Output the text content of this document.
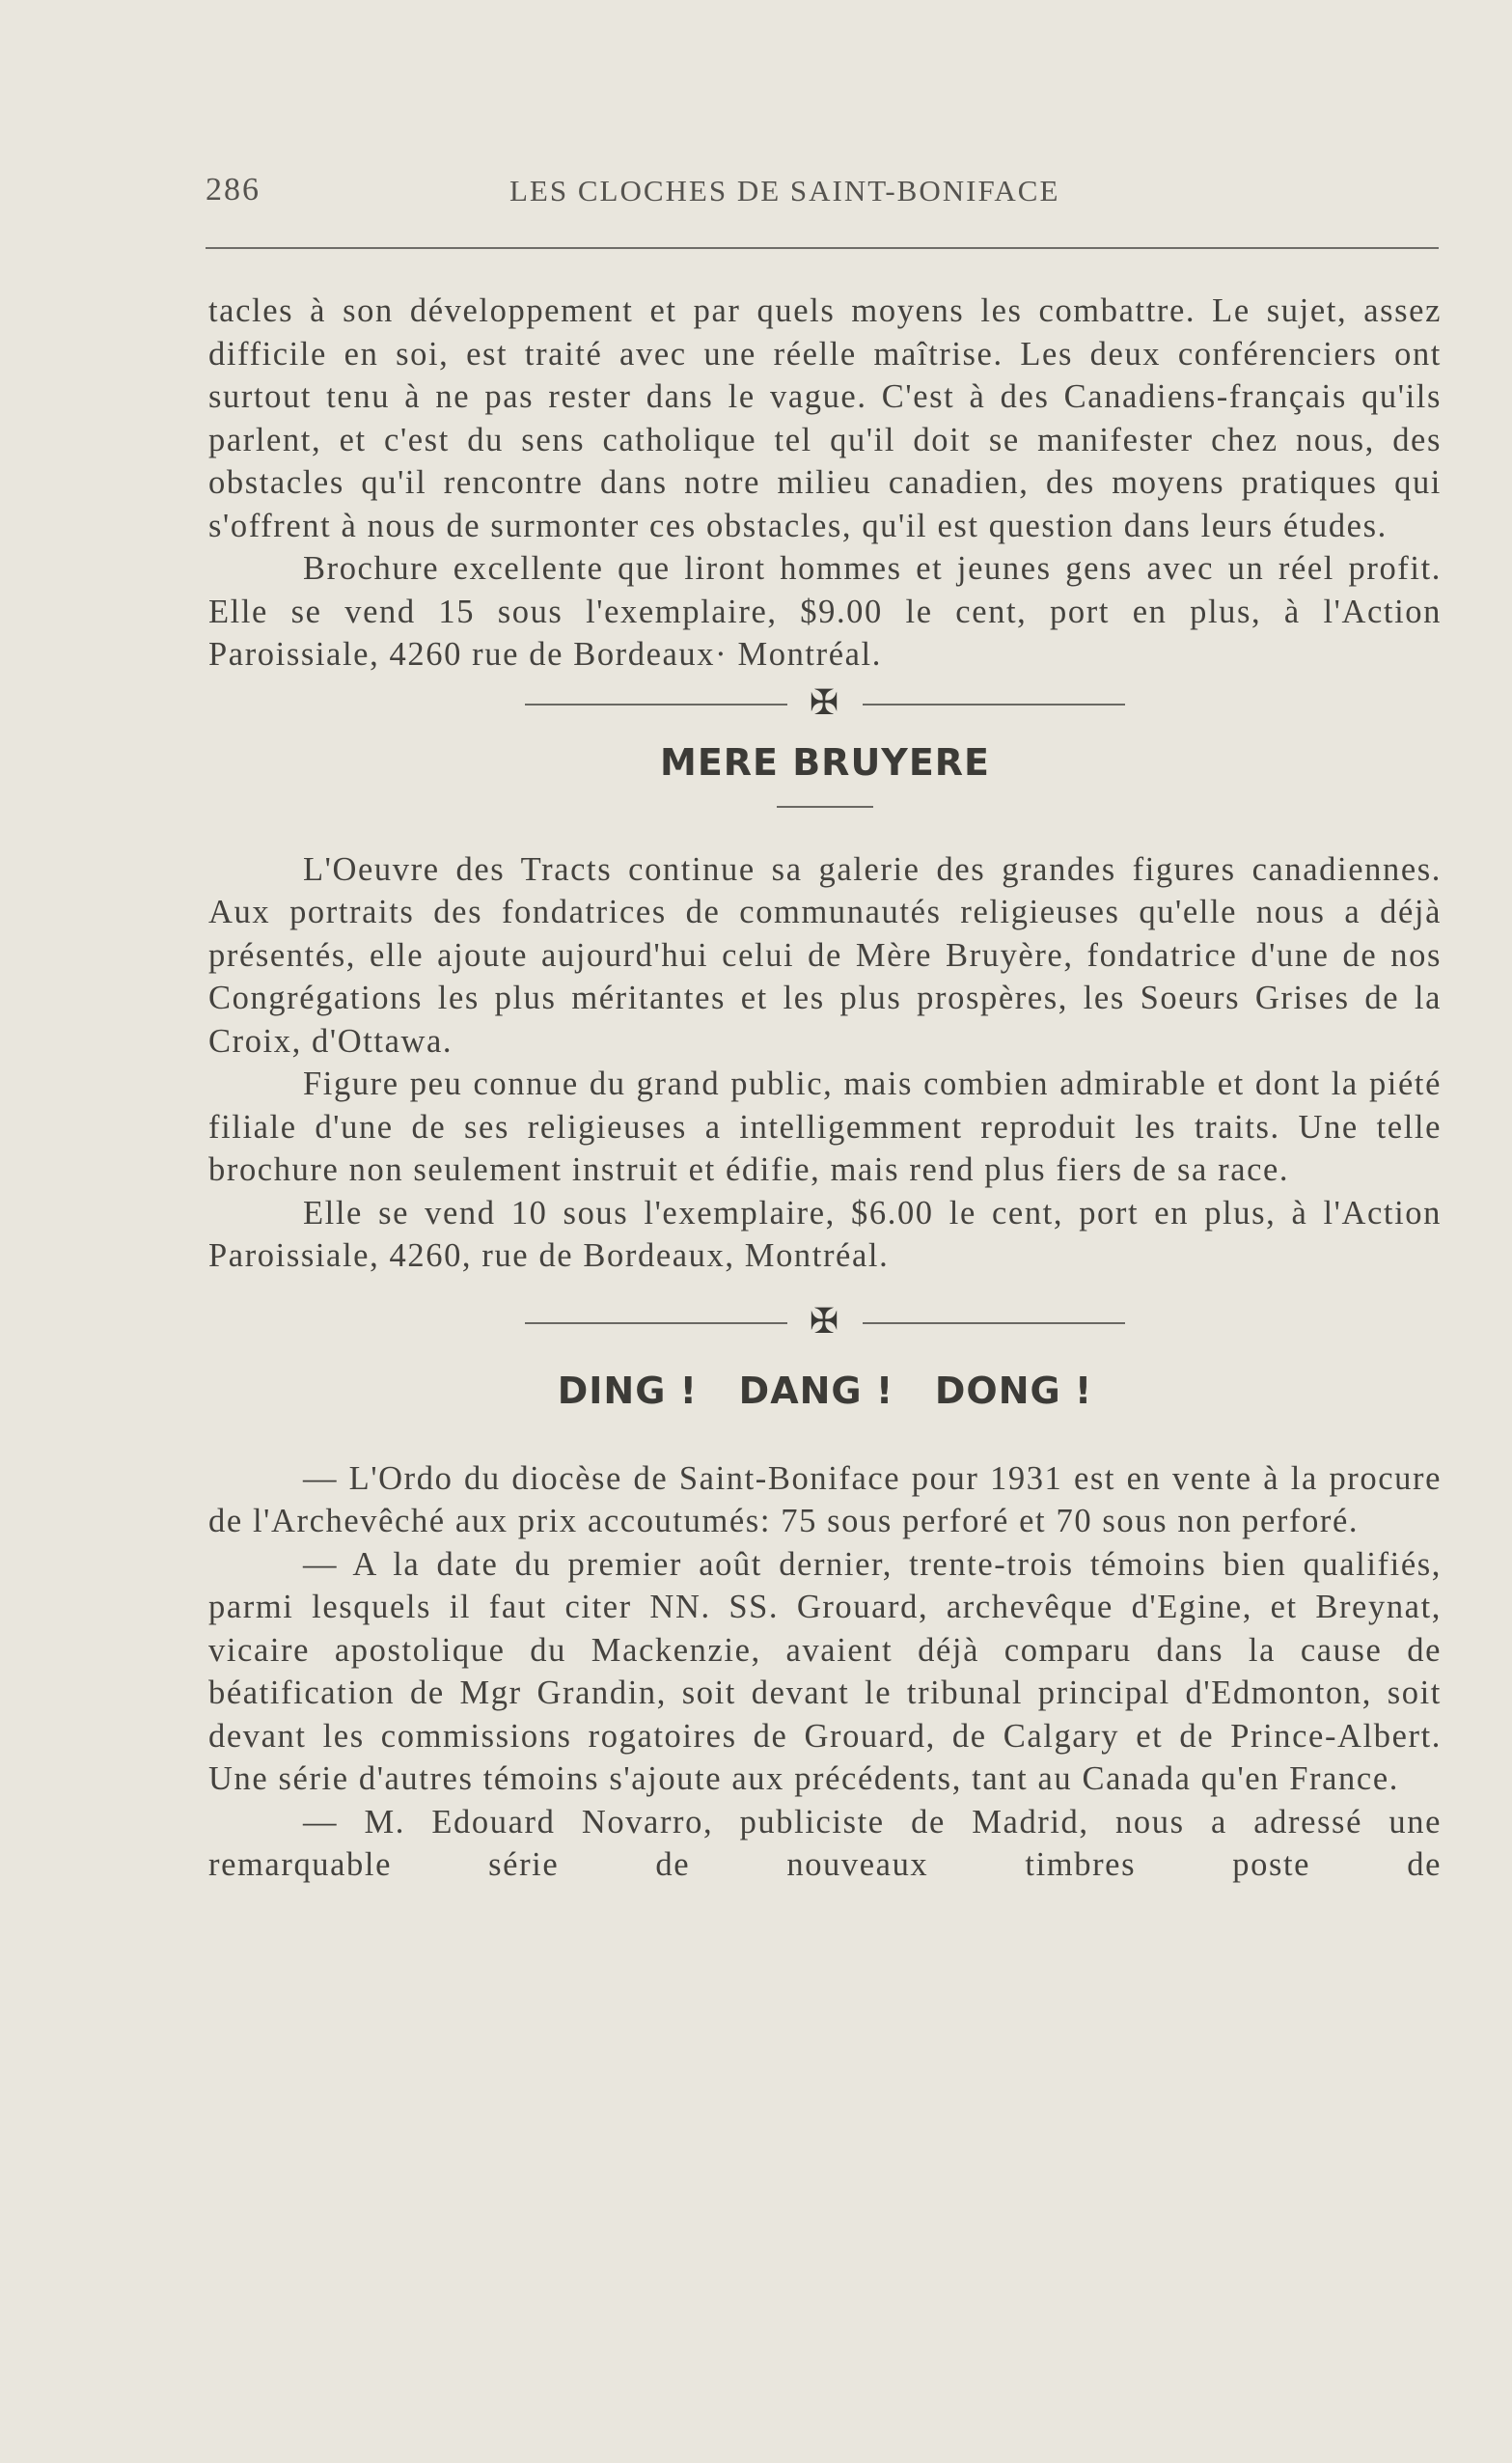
286	LES CLOCHES DE SAINT-BONIFACE

tacles à son développement et par quels moyens les combattre. Le sujet, assez difficile en soi, est traité avec une réelle maîtrise. Les deux conférenciers ont surtout tenu à ne pas rester dans le vague. C'est à des Canadiens-français qu'ils parlent, et c'est du sens catholique tel qu'il doit se manifester chez nous, des obstacles qu'il rencontre dans notre milieu canadien, des moyens pratiques qui s'offrent à nous de surmonter ces obstacles, qu'il est question dans leurs études.

Brochure excellente que liront hommes et jeunes gens avec un réel profit. Elle se vend 15 sous l'exemplaire, $9.00 le cent, port en plus, à l'Action Paroissiale, 4260 rue de Bordeaux· Montréal.

✠
MERE BRUYERE

L'Oeuvre des Tracts continue sa galerie des grandes figures canadiennes. Aux portraits des fondatrices de communautés religieuses qu'elle nous a déjà présentés, elle ajoute aujourd'hui celui de Mère Bruyère, fondatrice d'une de nos Congrégations les plus méritantes et les plus prospères, les Soeurs Grises de la Croix, d'Ottawa.

Figure peu connue du grand public, mais combien admirable et dont la piété filiale d'une de ses religieuses a intelligemment reproduit les traits. Une telle brochure non seulement instruit et édifie, mais rend plus fiers de sa race.

Elle se vend 10 sous l'exemplaire, $6.00 le cent, port en plus, à l'Action Paroissiale, 4260, rue de Bordeaux, Montréal.

✠
DING !   DANG !   DONG !

— L'Ordo du diocèse de Saint-Boniface pour 1931 est en vente à la procure de l'Archevêché aux prix accoutumés: 75 sous perforé et 70 sous non perforé.

— A la date du premier août dernier, trente-trois témoins bien qualifiés, parmi lesquels il faut citer NN. SS. Grouard, archevêque d'Egine, et Breynat, vicaire apostolique du Mackenzie, avaient déjà comparu dans la cause de béatification de Mgr Grandin, soit devant le tribunal principal d'Edmonton, soit devant les commissions rogatoires de Grouard, de Calgary et de Prince-Albert. Une série d'autres témoins s'ajoute aux précédents, tant au Canada qu'en France.

— M. Edouard Novarro, publiciste de Madrid, nous a adressé une remarquable série de nouveaux timbres poste de
